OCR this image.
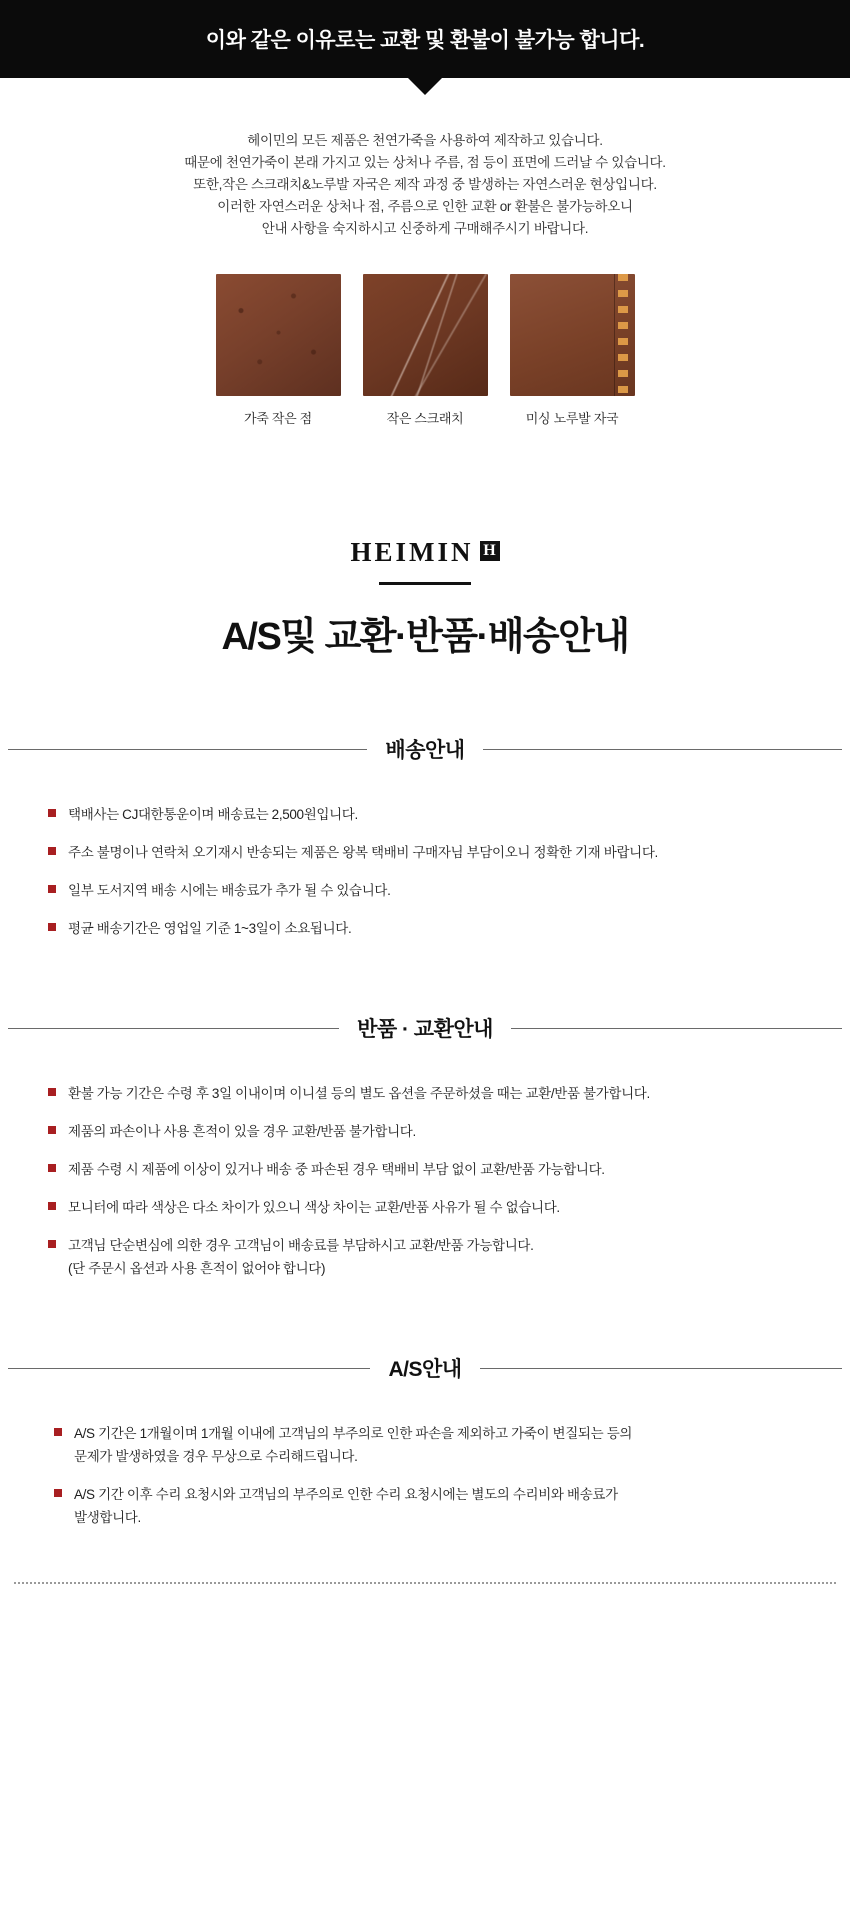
이와 같은 이유로는 교환 및 환불이 불가능 합니다.
헤이민의 모든 제품은 천연가죽을 사용하여 제작하고 있습니다.
때문에 천연가죽이 본래 가지고 있는 상처나 주름, 점 등이 표면에 드러날 수 있습니다.
또한,작은 스크래치&노루발 자국은 제작 과정 중 발생하는 자연스러운 현상입니다.
이러한 자연스러운 상처나 점, 주름으로 인한 교환 or 환불은 불가능하오니
안내 사항을 숙지하시고 신중하게 구매해주시기 바랍니다.
가죽 작은 점	작은 스크래치	미싱 노루발 자국
HEIMIN H
A/S및 교환·반품·배송안내
배송안내
택배사는 CJ대한통운이며 배송료는 2,500원입니다.
주소 불명이나 연락처 오기재시 반송되는 제품은 왕복 택배비 구매자님 부담이오니 정확한 기재 바랍니다.
일부 도서지역 배송 시에는 배송료가 추가 될 수 있습니다.
평균 배송기간은 영업일 기준 1~3일이 소요됩니다.
반품 · 교환안내
환불 가능 기간은 수령 후 3일 이내이며 이니셜 등의 별도 옵션을 주문하셨을 때는 교환/반품 불가합니다.
제품의 파손이나 사용 흔적이 있을 경우 교환/반품 불가합니다.
제품 수령 시 제품에 이상이 있거나 배송 중 파손된 경우 택배비 부담 없이 교환/반품 가능합니다.
모니터에 따라 색상은 다소 차이가 있으니 색상 차이는 교환/반품 사유가 될 수 없습니다.
고객님 단순변심에 의한 경우 고객님이 배송료를 부담하시고 교환/반품 가능합니다.
(단 주문시 옵션과 사용 흔적이 없어야 합니다)
A/S안내
A/S 기간은 1개월이며 1개월 이내에 고객님의 부주의로 인한 파손을 제외하고 가죽이 변질되는 등의
문제가 발생하였을 경우 무상으로 수리해드립니다.
A/S 기간 이후 수리 요청시와 고객님의 부주의로 인한 수리 요청시에는 별도의 수리비와 배송료가
발생합니다.
